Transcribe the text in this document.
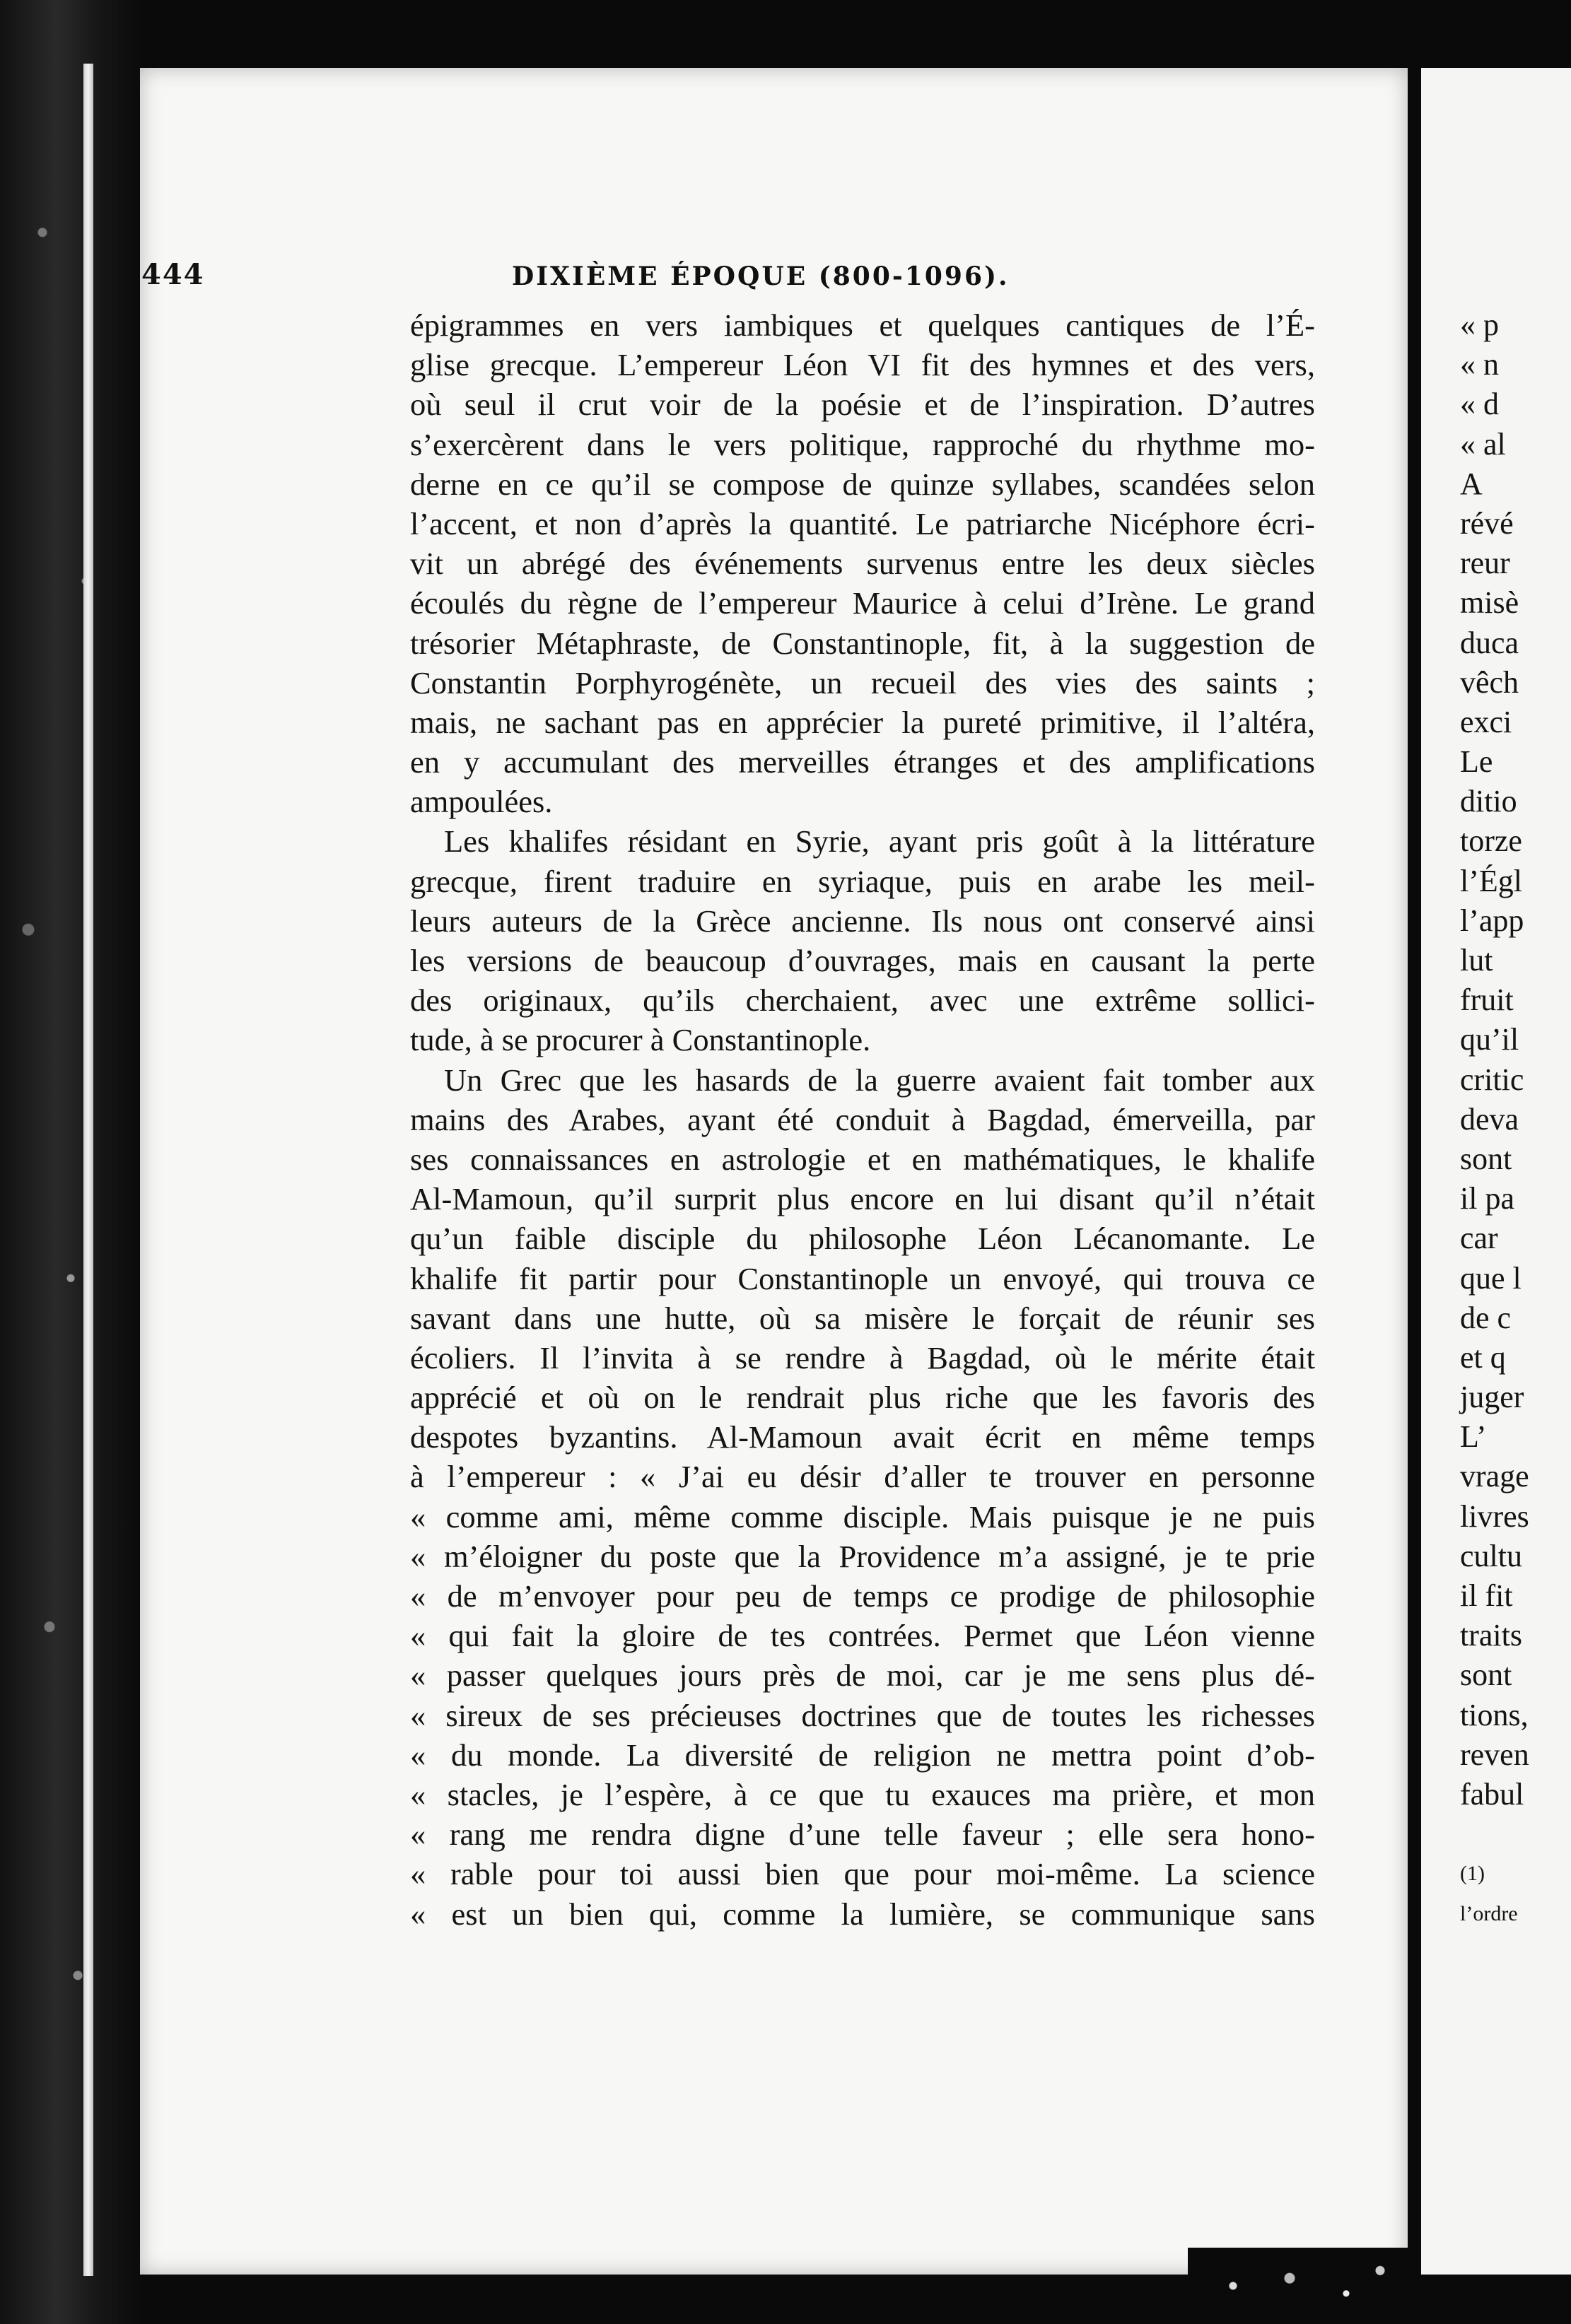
444	DIXIÈME ÉPOQUE (800-1096).
épigrammes en vers iambiques et quelques cantiques de l’É-
glise grecque. L’empereur Léon VI fit des hymnes et des vers,
où seul il crut voir de la poésie et de l’inspiration. D’autres
s’exercèrent dans le vers politique, rapproché du rhythme mo-
derne en ce qu’il se compose de quinze syllabes, scandées selon
l’accent, et non d’après la quantité. Le patriarche Nicéphore écri-
vit un abrégé des événements survenus entre les deux siècles
écoulés du règne de l’empereur Maurice à celui d’Irène. Le grand
trésorier Métaphraste, de Constantinople, fit, à la suggestion de
Constantin Porphyrogénète, un recueil des vies des saints ;
mais, ne sachant pas en apprécier la pureté primitive, il l’altéra,
en y accumulant des merveilles étranges et des amplifications
ampoulées.
Les khalifes résidant en Syrie, ayant pris goût à la littérature
grecque, firent traduire en syriaque, puis en arabe les meil-
leurs auteurs de la Grèce ancienne. Ils nous ont conservé ainsi
les versions de beaucoup d’ouvrages, mais en causant la perte
des originaux, qu’ils cherchaient, avec une extrême sollici-
tude, à se procurer à Constantinople.
Un Grec que les hasards de la guerre avaient fait tomber aux
mains des Arabes, ayant été conduit à Bagdad, émerveilla, par
ses connaissances en astrologie et en mathématiques, le khalife
Al-Mamoun, qu’il surprit plus encore en lui disant qu’il n’était
qu’un faible disciple du philosophe Léon Lécanomante. Le
khalife fit partir pour Constantinople un envoyé, qui trouva ce
savant dans une hutte, où sa misère le forçait de réunir ses
écoliers. Il l’invita à se rendre à Bagdad, où le mérite était
apprécié et où on le rendrait plus riche que les favoris des
despotes byzantins. Al-Mamoun avait écrit en même temps
à l’empereur : « J’ai eu désir d’aller te trouver en personne
« comme ami, même comme disciple. Mais puisque je ne puis
« m’éloigner du poste que la Providence m’a assigné, je te prie
« de m’envoyer pour peu de temps ce prodige de philosophie
« qui fait la gloire de tes contrées. Permet que Léon vienne
« passer quelques jours près de moi, car je me sens plus dé-
« sireux de ses précieuses doctrines que de toutes les richesses
« du monde. La diversité de religion ne mettra point d’ob-
« stacles, je l’espère, à ce que tu exauces ma prière, et mon
« rang me rendra digne d’une telle faveur ; elle sera hono-
« rable pour toi aussi bien que pour moi-même. La science
« est un bien qui, comme la lumière, se communique sans
« p
« n
« d
« al
A
révé
reur
misè
duca
vêch
exci
Le
ditio
torze
l’Égl
l’app
lut
fruit
qu’il
critic
deva
sont
il pa
car
que l
de c
et q
juger
L’
vrage
livres
cultu
il fit
traits
sont
tions,
reven
fabul
(1)
l’ordre
